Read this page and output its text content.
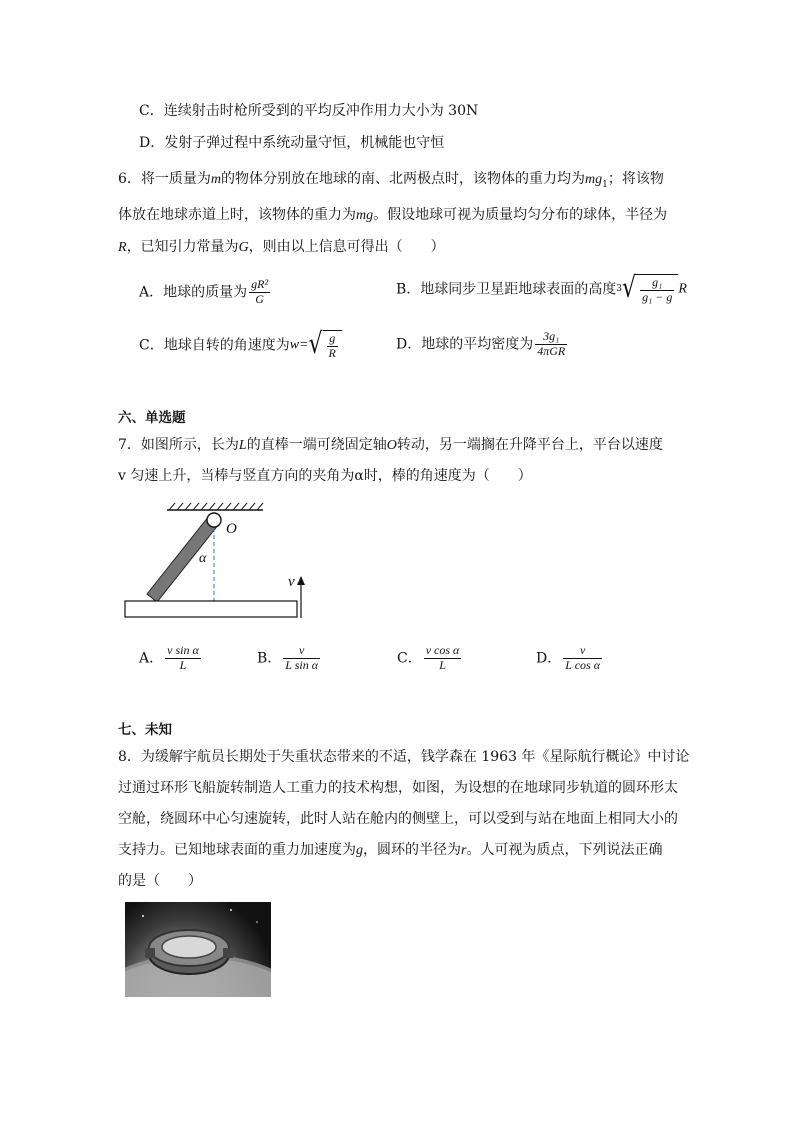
C．连续射击时枪所受到的平均反冲作用力大小为 30N
D．发射子弹过程中系统动量守恒，机械能也守恒
6．将一质量为m的物体分别放在地球的南、北两极点时，该物体的重力均为$mg_1$；将该物
体放在地球赤道上时，该物体的重力为mg。假设地球可视为质量均匀分布的球体，半径为
R，已知引力常量为G，则由以上信息可得出（　　）
A．地球的质量为 $\frac{\text{gR²}}{G}$	B．地球同步卫星距地球表面的高度$3√ \frac{\text{g₁}}{\text{g₁ − g}}$ R
C．地球自转的角速度为$w=√ \frac{g}{R}$	D．地球的平均密度为 $\frac{\text{3g₁}}{\text{4πGR}}$
六、单选题
7．如图所示，长为L的直棒一端可绕固定轴O转动，另一端搁在升降平台上，平台以速度
v 匀速上升，当棒与竖直方向的夹角为α时，棒的角速度为（　　）
O
α
v
A． $\frac{\text{v sin α}}{L}$	B． $\frac{v}{\text{L sin α}}$	C． $\frac{\text{v cos α}}{L}$	D． $\frac{v}{\text{L cos α}}$
七、未知
8．为缓解宇航员长期处于失重状态带来的不适，钱学森在 1963 年《星际航行概论》中讨论
过通过环形飞船旋转制造人工重力的技术构想，如图，为设想的在地球同步轨道的圆环形太
空舱，绕圆环中心匀速旋转，此时人站在舱内的侧壁上，可以受到与站在地面上相同大小的
支持力。已知地球表面的重力加速度为g，圆环的半径为r。人可视为质点，下列说法正确
的是（　　）
